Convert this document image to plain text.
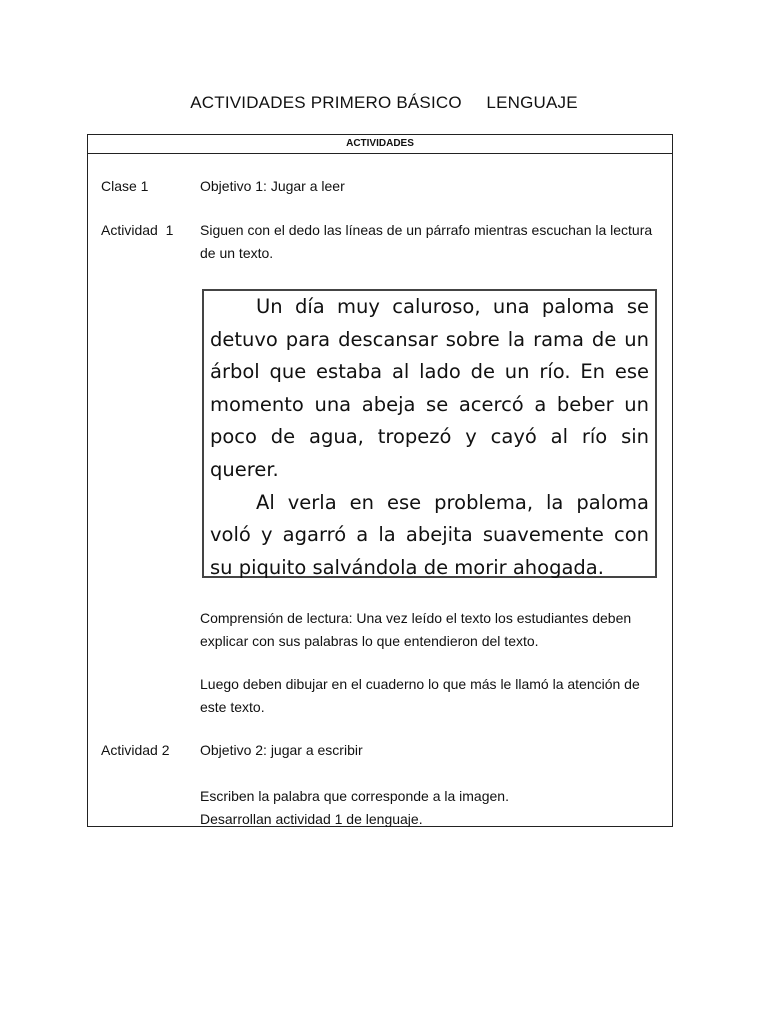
ACTIVIDADES PRIMERO BÁSICO     LENGUAJE
ACTIVIDADES
Clase 1	Objetivo 1: Jugar a leer
Actividad  1 Siguen con el dedo las líneas de un párrafo mientras escuchan la lectura de un texto.

Un día muy caluroso, una paloma se detuvo para descansar sobre la rama de un árbol que estaba al lado de un río. En ese momento una abeja se acercó a beber un poco de agua, tropezó y cayó al río sin querer.

Al verla en ese problema, la paloma voló y agarró a la abejita suavemente con su piquito salvándola de morir ahogada.

Comprensión de lectura: Una vez leído el texto los estudiantes deben explicar con sus palabras lo que entendieron del texto.
Luego deben dibujar en el cuaderno lo que más le llamó la atención de este texto.
Actividad 2 Objetivo 2: jugar a escribir
Escriben la palabra que corresponde a la imagen.
Desarrollan actividad 1 de lenguaje.
